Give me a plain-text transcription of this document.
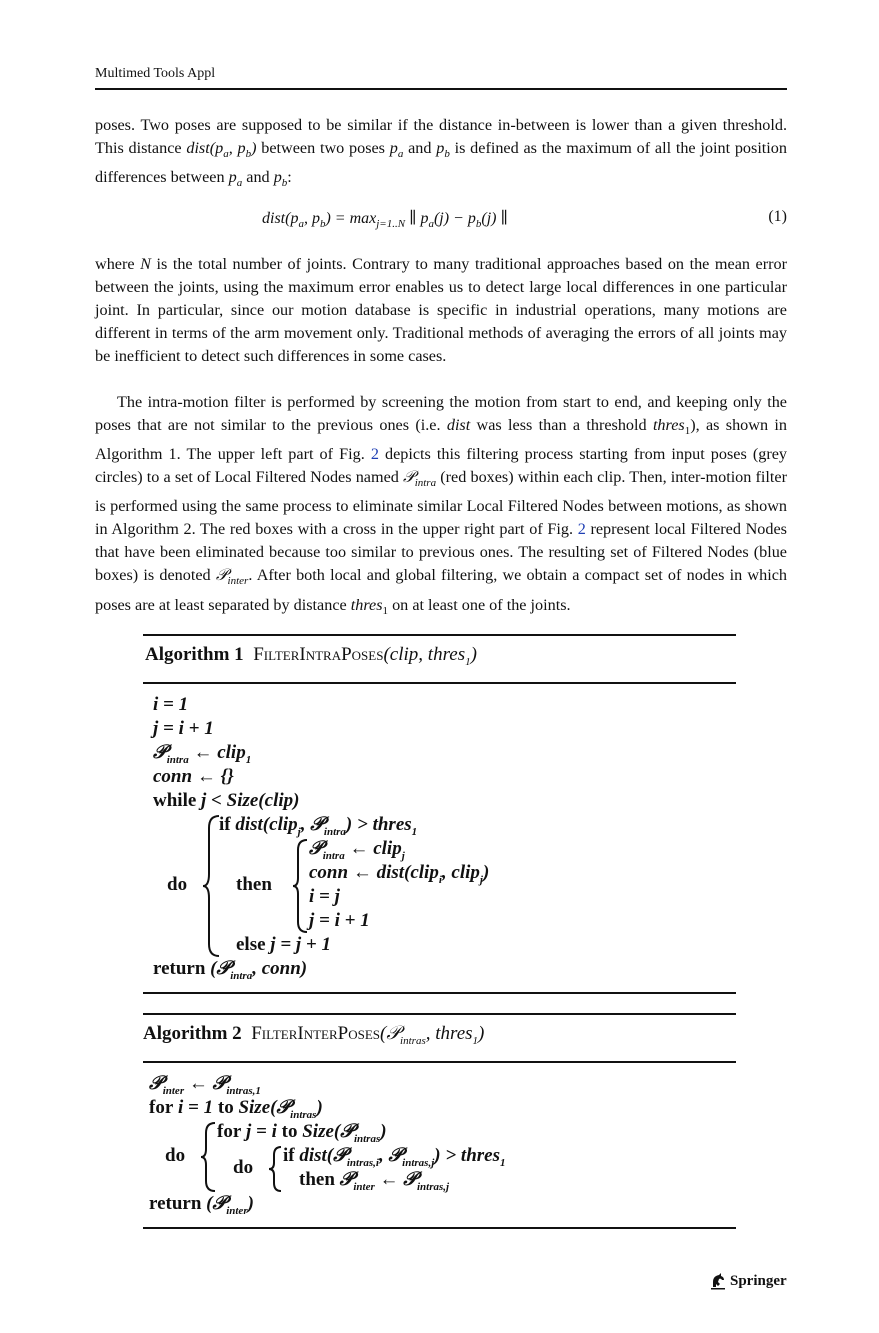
Multimed Tools Appl
poses. Two poses are supposed to be similar if the distance in-between is lower than a given threshold. This distance $dist(p_a$, $p_b$) between two poses $p_a$ and $p_b$ is defined as the maximum of all the joint position differences between $p_a$ and $p_b$:
$dist(p_a$, $p_b) = \max_{j=1..N}$ ∥ $p_a(j) - p_b(j)$ ∥	(1)
where N is the total number of joints. Contrary to many traditional approaches based on the mean error between the joints, using the maximum error enables us to detect large local differences in one particular joint. In particular, since our motion database is specific in industrial operations, many motions are different in terms of the arm movement only. Traditional methods of averaging the errors of all joints may be inefficient to detect such differences in some cases.
The intra-motion filter is performed by screening the motion from start to end, and keeping only the poses that are not similar to the previous ones (i.e. dist was less than a threshold thres$_1$), as shown in Algorithm 1. The upper left part of Fig. 2 depicts this filtering process starting from input poses (grey circles) to a set of Local Filtered Nodes named 𝒫$_{intra}$ (red boxes) within each clip. Then, inter-motion filter is performed using the same process to eliminate similar Local Filtered Nodes between motions, as shown in Algorithm 2. The red boxes with a cross in the upper right part of Fig. 2 represent local Filtered Nodes that have been eliminated because too similar to previous ones. The resulting set of Filtered Nodes (blue boxes) is denoted 𝒫$_{inter}$. After both local and global filtering, we obtain a compact set of nodes in which poses are at least separated by distance thres$_1$ on at least one of the joints.
Algorithm 1 FilterIntraPoses(clip, thres$_1$)
i = 1
j = i + 1
𝒫$_{intra}$ ← clip$_1$
conn ← {}
while j < Size(clip)
do
if dist(clip$_j$, 𝒫$_{intra}$) > thres$_1$
then
𝒫$_{intra}$ ← clip$_j$
conn ← dist(clip$_i$, clip$_j$)
i = j
j = i + 1
else j = j + 1
return (𝒫$_{intra}$, conn)
Algorithm 2 FilterInterPoses(𝒫$_{intras}$, thres$_1$)
𝒫$_{inter}$ ← 𝒫$_{intras,1}$
for i = 1 to Size(𝒫$_{intras}$)
do
for j = i to Size(𝒫$_{intras}$)
do
if dist(𝒫$_{intras,i}$, 𝒫$_{intras,j}$) > thres$_1$
then 𝒫$_{inter}$ ← 𝒫$_{intras,j}$
return (𝒫$_{inter}$)
Springer
